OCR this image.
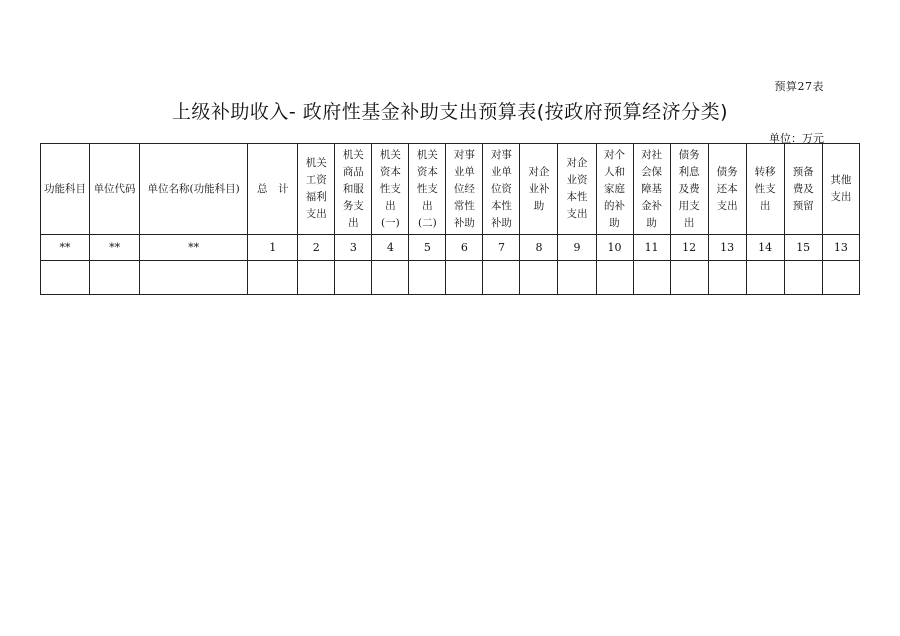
预算27表
上级补助收入- 政府性基金补助支出预算表(按政府预算经济分类)
单位：万元
功能科目	单位代码	单位名称(功能科目)	总　计	机关工资福利支出	机关商品和服务支出	机关资本性支出(一)	机关资本性支出(二)	对事业单位经常性补助	对事业单位资本性补助	对企业补助	对企业资本性支出	对个人和家庭的补助	对社会保障基金补助	债务利息及费用支出	债务还本支出	转移性支出	预备费及预留	其他支出
**	**	**	1	2	3	4	5	6	7	8	9	10	11	12	13	14	15	13
